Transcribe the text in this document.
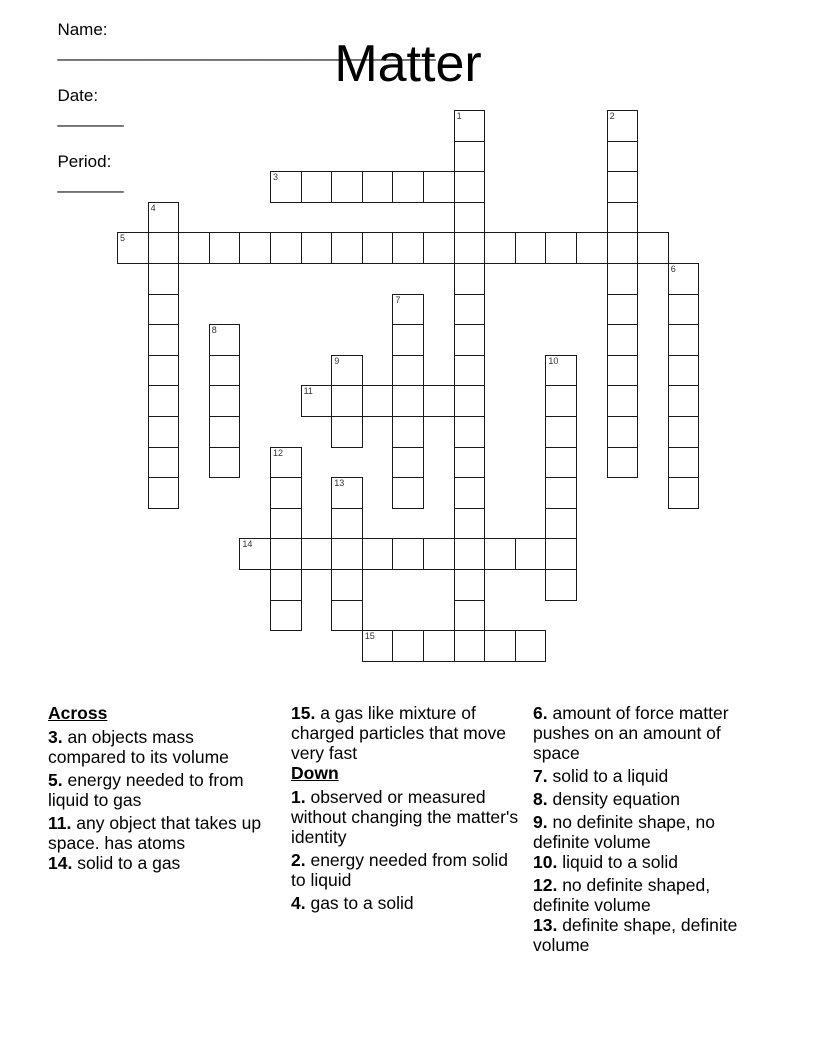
Name:
________________________________________

Date:
_______

Period:
_______

Matter
1	2
3
4
5
6
7
8
9	10
11
12
13
14
15
Across
3. an objects mass compared to its volume
5. energy needed to from liquid to gas
11. any object that takes up space. has atoms
14. solid to a gas
15. a gas like mixture of charged particles that move very fast
Down
1. observed or measured without changing the matter's identity
2. energy needed from solid to liquid
4. gas to a solid
6. amount of force matter pushes on an amount of space
7. solid to a liquid
8. density equation
9. no definite shape, no definite volume
10. liquid to a solid
12. no definite shaped, definite volume
13. definite shape, definite volume
